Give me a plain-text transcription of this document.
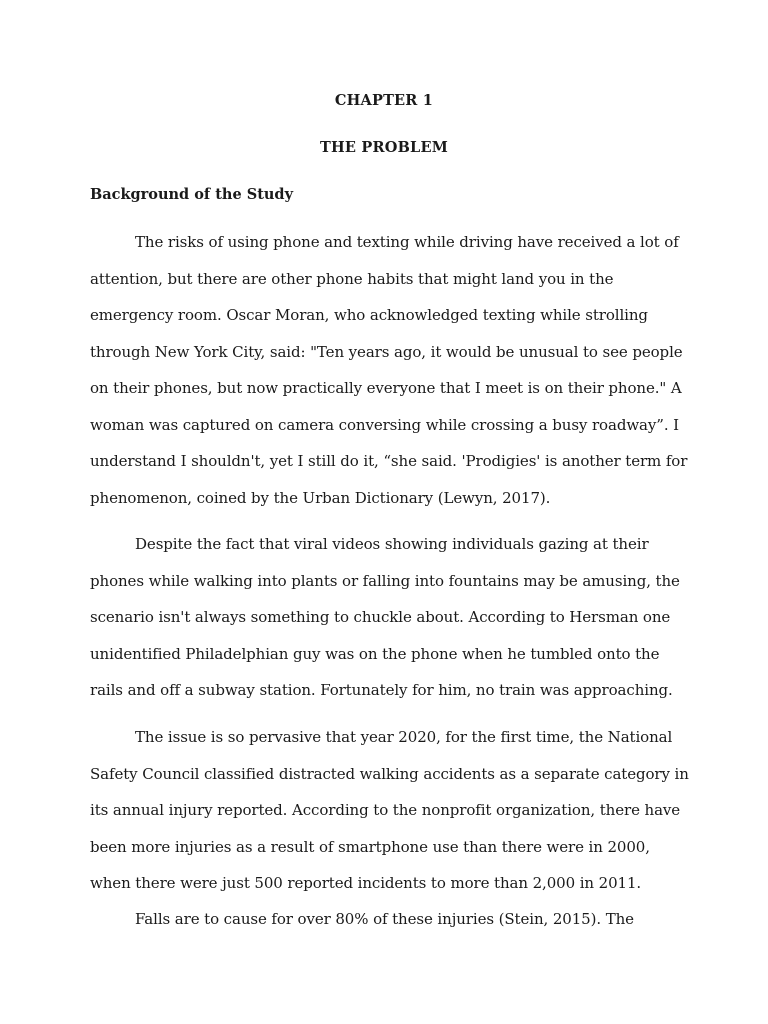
CHAPTER 1
THE PROBLEM
Background of the Study
The risks of using phone and texting while driving have received a lot of
attention, but there are other phone habits that might land you in the
emergency room. Oscar Moran, who acknowledged texting while strolling
through New York City, said: "Ten years ago, it would be unusual to see people
on their phones, but now practically everyone that I meet is on their phone." A
woman was captured on camera conversing while crossing a busy roadway”. I
understand I shouldn't, yet I still do it, “she said. 'Prodigies' is another term for
phenomenon, coined by the Urban Dictionary (Lewyn, 2017).
Despite the fact that viral videos showing individuals gazing at their
phones while walking into plants or falling into fountains may be amusing, the
scenario isn't always something to chuckle about. According to Hersman one
unidentified Philadelphian guy was on the phone when he tumbled onto the
rails and off a subway station. Fortunately for him, no train was approaching.
The issue is so pervasive that year 2020, for the first time, the National
Safety Council classified distracted walking accidents as a separate category in
its annual injury reported. According to the nonprofit organization, there have
been more injuries as a result of smartphone use than there were in 2000,
when there were just 500 reported incidents to more than 2,000 in 2011.
Falls are to cause for over 80% of these injuries (Stein, 2015). The
